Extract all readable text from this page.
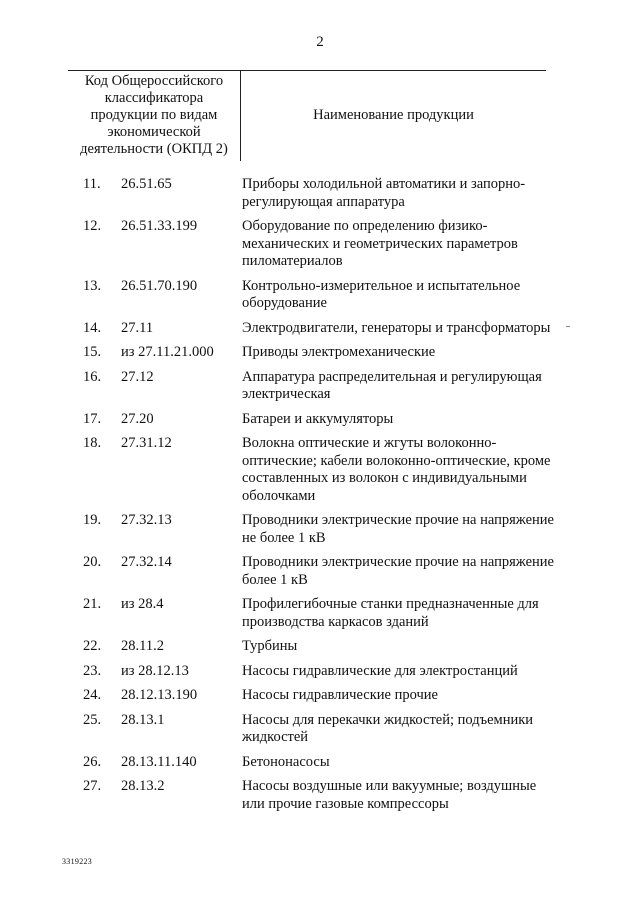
2
Код Общероссийского
классификатора
продукции по видам
экономической
деятельности (ОКПД 2)
Наименование продукции
11. 26.51.65	Приборы холодильной автоматики и запорно-регулирующая аппаратура
12. 26.51.33.199	Оборудование по определению физико-механических и геометрических параметров пиломатериалов
13. 26.51.70.190	Контрольно-измерительное и испытательное оборудование
14. 27.11	Электродвигатели, генераторы и трансформаторы
15. из 27.11.21.000 Приводы электромеханические
16. 27.12	Аппаратура распределительная и регулирующая электрическая
17. 27.20	Батареи и аккумуляторы
18. 27.31.12	Волокна оптические и жгуты волоконно-оптические; кабели волоконно-оптические, кроме составленных из волокон с индивидуальными оболочками
19. 27.32.13	Проводники электрические прочие на напряжение не более 1 кВ
20. 27.32.14	Проводники электрические прочие на напряжение более 1 кВ
21. из 28.4	Профилегибочные станки предназначенные для производства каркасов зданий
22. 28.11.2	Турбины
23. из 28.12.13	Насосы гидравлические для электростанций
24. 28.12.13.190	Насосы гидравлические прочие
25. 28.13.1	Насосы для перекачки жидкостей; подъемники жидкостей
26. 28.13.11.140	Бетононасосы
27. 28.13.2	Насосы воздушные или вакуумные; воздушные или прочие газовые компрессоры
3319223
